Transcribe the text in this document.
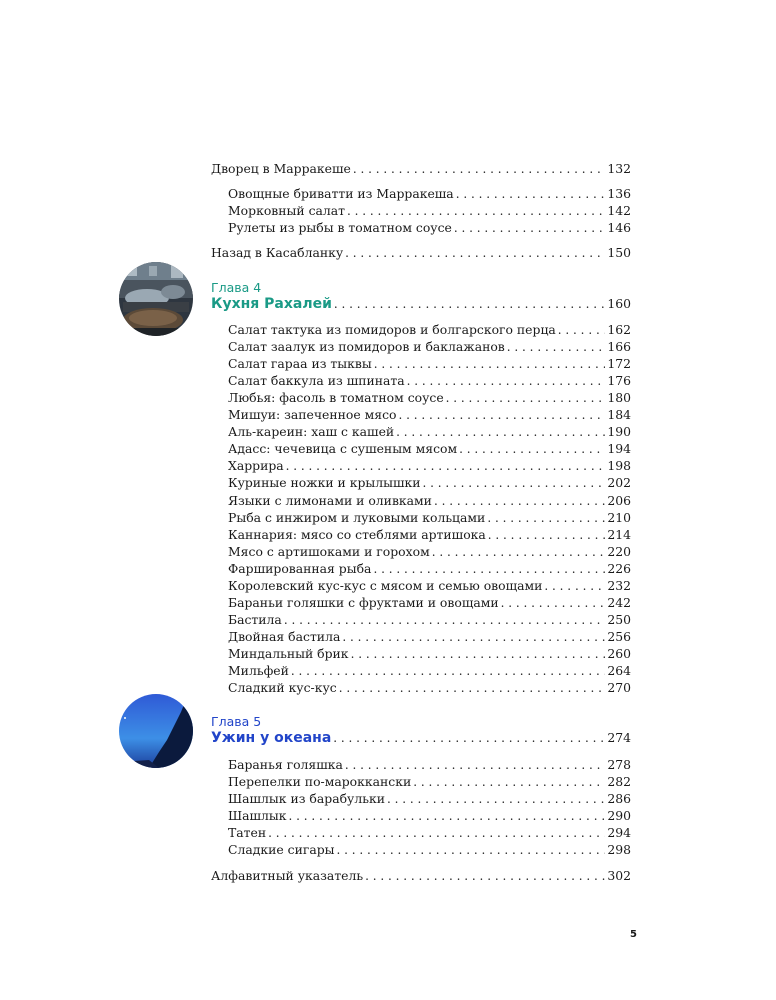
Дворец в Марракеше . . .	132
Овощные бриватти из Марракеша . . .	136
Морковный салат . . .	142
Рулеты из рыбы в томатном соусе . . .	146
Назад в Касабланку . . .	150
Глава 4
Кухня Рахалей . . .	160
Салат тактука из помидоров и болгарского перца . . .	162
Салат заалук из помидоров и баклажанов . . .	166
Салат гараа из тыквы . . .	172
Салат баккула из шпината . . .	176
Любья: фасоль в томатном соусе . . .	180
Мишуи: запеченное мясо . . .	184
Аль-кареин: хаш с кашей . . .	190
Адасс: чечевица с сушеным мясом . . .	194
Харрира . . .	198
Куриные ножки и крылышки . . .	202
Языки с лимонами и оливками . . .	206
Рыба с инжиром и луковыми кольцами . . .	210
Каннария: мясо со стеблями артишока . . .	214
Мясо с артишоками и горохом . . .	220
Фаршированная рыба . . .	226
Королевский кус-кус с мясом и семью овощами . . .	232
Бараньи голяшки с фруктами и овощами . . .	242
Бастила . . .	250
Двойная бастила . . .	256
Миндальный брик . . .	260
Мильфей . . .	264
Сладкий кус-кус . . .	270
Глава 5
Ужин у океана . . .	274
Баранья голяшка . . .	278
Перепелки по-мароккански . . .	282
Шашлык из барабульки . . .	286
Шашлык . . .	290
Татен . . .	294
Сладкие сигары . . .	298
Алфавитный указатель . . .	302
5
